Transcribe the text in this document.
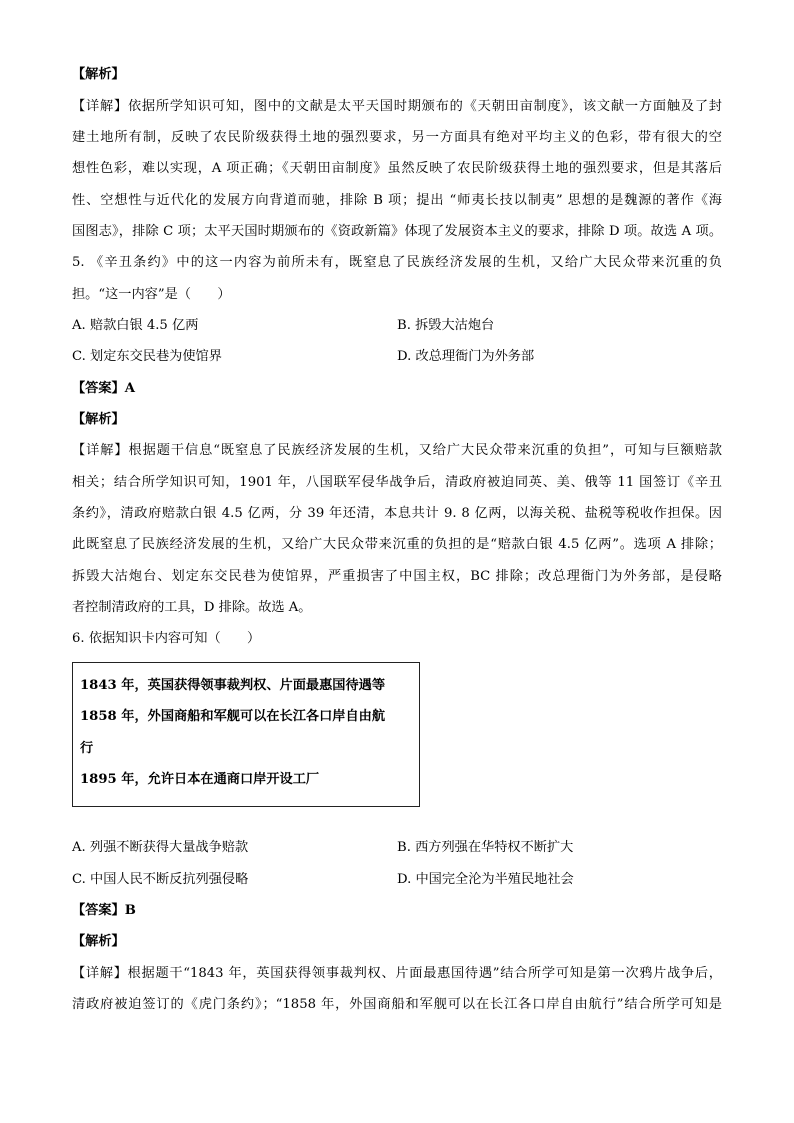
【解析】
【详解】依据所学知识可知，图中的文献是太平天国时期颁布的《天朝田亩制度》，该文献一方面触及了封
建土地所有制，反映了农民阶级获得土地的强烈要求，另一方面具有绝对平均主义的色彩，带有很大的空
想性色彩，难以实现，A 项正确；《天朝田亩制度》虽然反映了农民阶级获得土地的强烈要求，但是其落后
性、空想性与近代化的发展方向背道而驰，排除 B 项；提出 “师夷长技以制夷” 思想的是魏源的著作《海
国图志》，排除 C 项；太平天国时期颁布的《资政新篇》体现了发展资本主义的要求，排除 D 项。故选 A 项。
5. 《辛丑条约》中的这一内容为前所未有，既窒息了民族经济发展的生机，又给广大民众带来沉重的负
担。“这一内容”是（　　）
A. 赔款白银 4.5 亿两	B. 拆毁大沽炮台
C. 划定东交民巷为使馆界	D. 改总理衙门为外务部
【答案】A
【解析】
【详解】根据题干信息“既窒息了民族经济发展的生机，又给广大民众带来沉重的负担”，可知与巨额赔款
相关；结合所学知识可知，1901 年，八国联军侵华战争后，清政府被迫同英、美、俄等 11 国签订《辛丑
条约》，清政府赔款白银 4.5 亿两，分 39 年还清，本息共计 9. 8 亿两，以海关税、盐税等税收作担保。因
此既窒息了民族经济发展的生机，又给广大民众带来沉重的负担的是“赔款白银 4.5 亿两”。选项 A 排除；
拆毁大沽炮台、划定东交民巷为使馆界，严重损害了中国主权，BC 排除；改总理衙门为外务部，是侵略
者控制清政府的工具，D 排除。故选 A。
6. 依据知识卡内容可知（　　）
1843 年，英国获得领事裁判权、片面最惠国待遇等
1858 年，外国商船和军舰可以在长江各口岸自由航
行
1895 年，允许日本在通商口岸开设工厂
A. 列强不断获得大量战争赔款	B. 西方列强在华特权不断扩大
C. 中国人民不断反抗列强侵略	D. 中国完全沦为半殖民地社会
【答案】B
【解析】
【详解】根据题干“1843 年，英国获得领事裁判权、片面最惠国待遇”结合所学可知是第一次鸦片战争后，
清政府被迫签订的《虎门条约》；“1858 年，外国商船和军舰可以在长江各口岸自由航行”结合所学可知是
